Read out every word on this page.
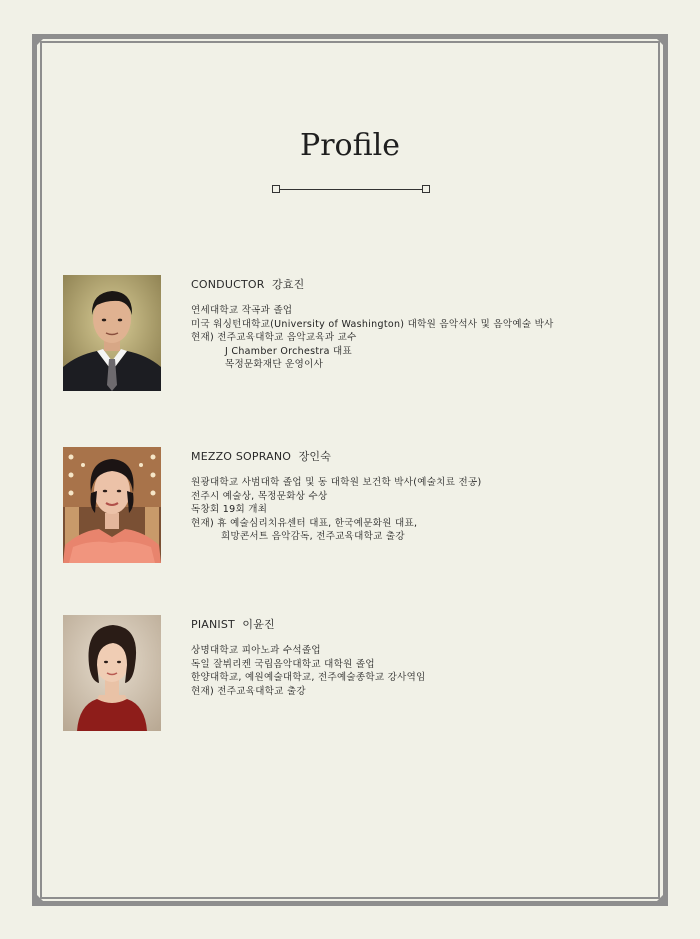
Profile

CONDUCTOR 강효진

연세대학교 작곡과 졸업
미국 워싱턴대학교(University of Washington) 대학원 음악석사 및 음악예술 박사
현재) 전주교육대학교 음악교육과 교수
J Chamber Orchestra 대표
목정문화재단 운영이사

MEZZO SOPRANO 장인숙

원광대학교 사범대학 졸업 및 동 대학원 보건학 박사(예술치료 전공)
전주시 예술상, 목정문화상 수상
독창회 19회 개최
현재) 휴 예술심리치유센터 대표, 한국예문화원 대표,
희망콘서트 음악감독, 전주교육대학교 출강

PIANIST 이윤진

상명대학교 피아노과 수석졸업
독일 잘뷔리켄 국립음악대학교 대학원 졸업
한양대학교, 예원예술대학교, 전주예술종학교 강사역임
현재) 전주교육대학교 출강
